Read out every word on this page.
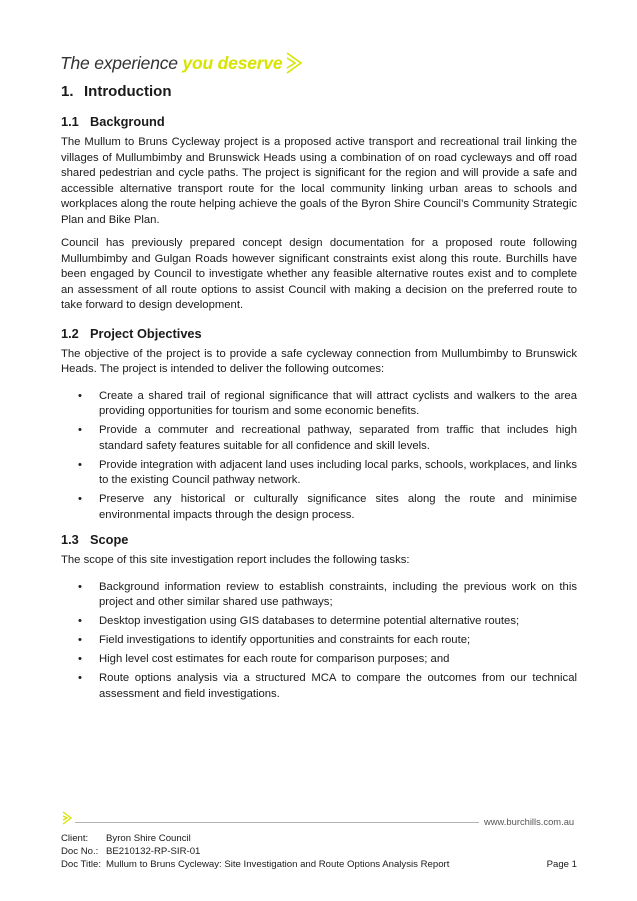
The experience you deserve
1. Introduction
1.1 Background

The Mullum to Bruns Cycleway project is a proposed active transport and recreational trail linking the villages of Mullumbimby and Brunswick Heads using a combination of on road cycleways and off road shared pedestrian and cycle paths. The project is significant for the region and will provide a safe and accessible alternative transport route for the local community linking urban areas to schools and workplaces along the route helping achieve the goals of the Byron Shire Council’s Community Strategic Plan and Bike Plan.

Council has previously prepared concept design documentation for a proposed route following Mullumbimby and Gulgan Roads however significant constraints exist along this route. Burchills have been engaged by Council to investigate whether any feasible alternative routes exist and to complete an assessment of all route options to assist Council with making a decision on the preferred route to take forward to design development.

1.2 Project Objectives

The objective of the project is to provide a safe cycleway connection from Mullumbimby to Brunswick Heads. The project is intended to deliver the following outcomes:

• Create a shared trail of regional significance that will attract cyclists and walkers to the area providing opportunities for tourism and some economic benefits.
• Provide a commuter and recreational pathway, separated from traffic that includes high standard safety features suitable for all confidence and skill levels.
• Provide integration with adjacent land uses including local parks, schools, workplaces, and links to the existing Council pathway network.
• Preserve any historical or culturally significance sites along the route and minimise environmental impacts through the design process.
1.3 Scope

The scope of this site investigation report includes the following tasks:

• Background information review to establish constraints, including the previous work on this project and other similar shared use pathways;
• Desktop investigation using GIS databases to determine potential alternative routes;
• Field investigations to identify opportunities and constraints for each route;
• High level cost estimates for each route for comparison purposes; and
• Route options analysis via a structured MCA to compare the outcomes from our technical assessment and field investigations.
www.burchills.com.au
Client:	Byron Shire Council
Doc No.: BE210132-RP-SIR-01
Doc Title: Mullum to Bruns Cycleway: Site Investigation and Route Options Analysis Report	Page 1
